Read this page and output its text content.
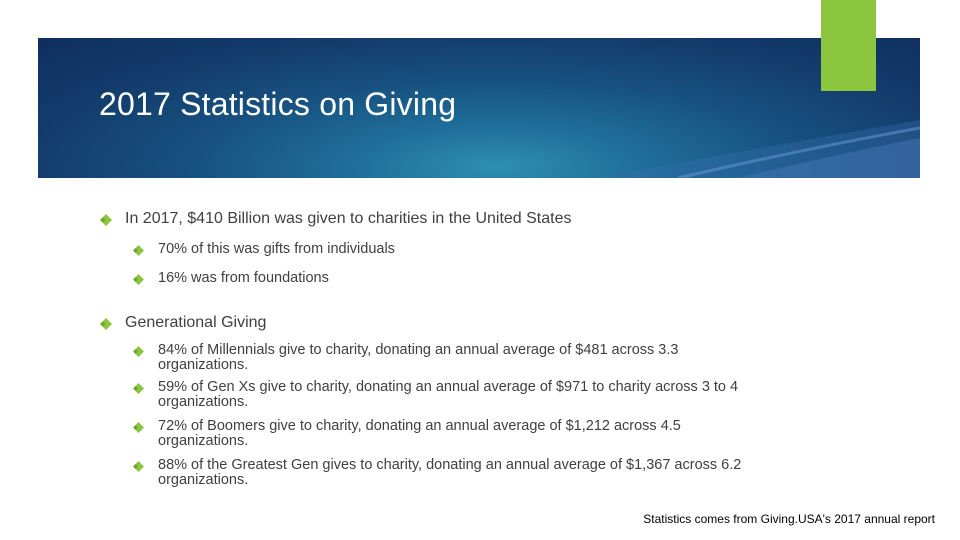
2017 Statistics on Giving
In 2017, $410 Billion was given to charities in the United States
70% of this was gifts from individuals
16% was from foundations
Generational Giving
84% of Millennials give to charity, donating an annual average of $481 across 3.3
organizations.
59% of Gen Xs give to charity, donating an annual average of $971 to charity across 3 to 4
organizations.
72% of Boomers give to charity, donating an annual average of $1,212 across 4.5
organizations.
88% of the Greatest Gen gives to charity, donating an annual average of $1,367 across 6.2
organizations.
Statistics comes from Giving.USA's 2017 annual report
